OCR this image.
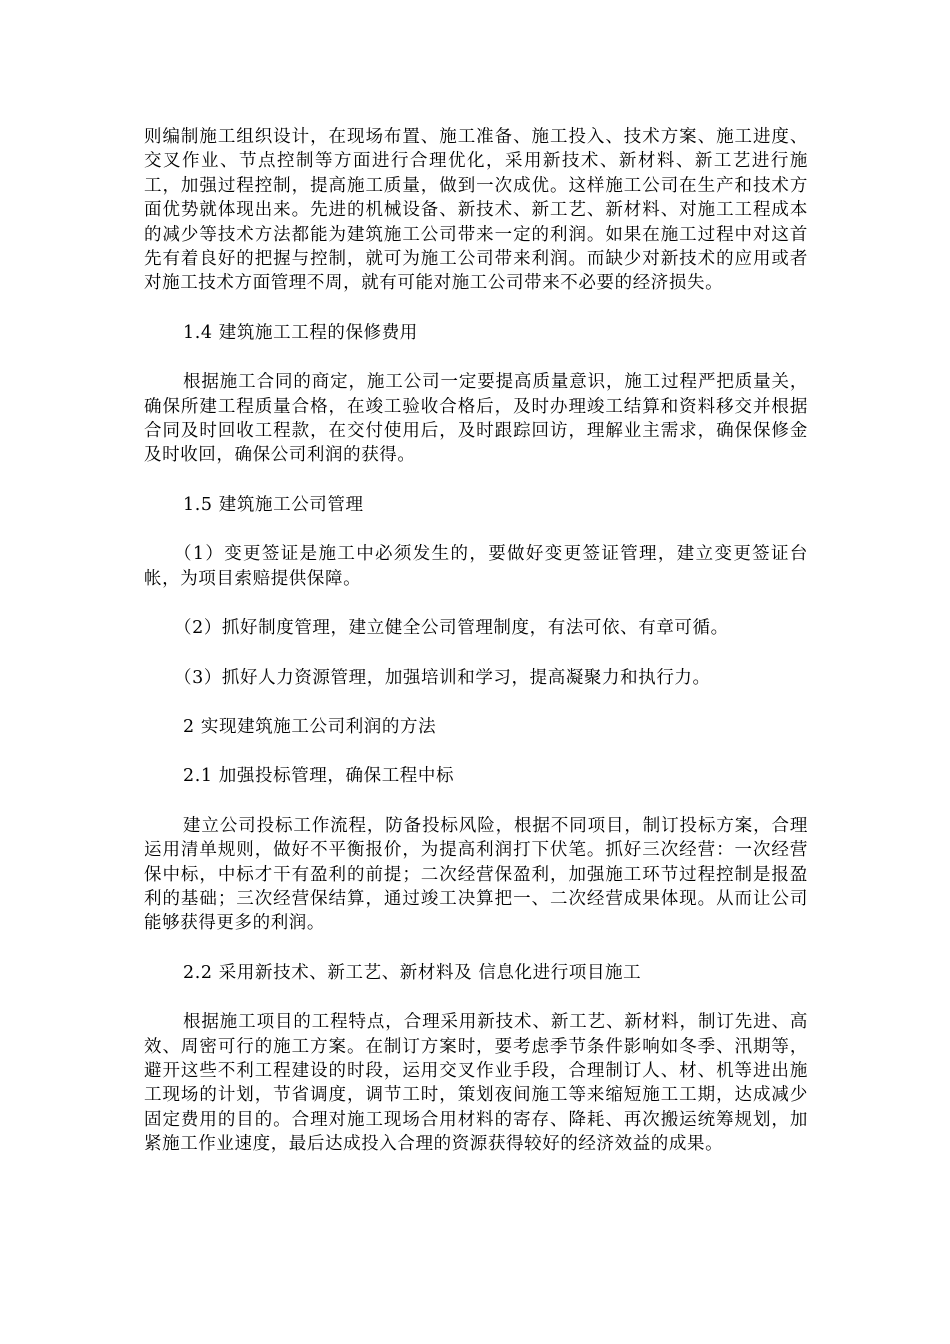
则编制施工组织设计，在现场布置、施工准备、施工投入、技术方案、施工进度、交叉作业、节点控制等方面进行合理优化，采用新技术、新材料、新工艺进行施工，加强过程控制，提高施工质量，做到一次成优。这样施工公司在生产和技术方面优势就体现出来。先进的机械设备、新技术、新工艺、新材料、对施工工程成本的减少等技术方法都能为建筑施工公司带来一定的利润。如果在施工过程中对这首先有着良好的把握与控制，就可为施工公司带来利润。而缺少对新技术的应用或者对施工技术方面管理不周，就有可能对施工公司带来不必要的经济损失。

1.4 建筑施工工程的保修费用

根据施工合同的商定，施工公司一定要提高质量意识，施工过程严把质量关，确保所建工程质量合格，在竣工验收合格后，及时办理竣工结算和资料移交并根据合同及时回收工程款，在交付使用后，及时跟踪回访，理解业主需求，确保保修金及时收回，确保公司利润的获得。

1.5 建筑施工公司管理

（1）变更签证是施工中必须发生的，要做好变更签证管理，建立变更签证台帐，为项目索赔提供保障。

（2）抓好制度管理，建立健全公司管理制度，有法可依、有章可循。

（3）抓好人力资源管理，加强培训和学习，提高凝聚力和执行力。

2 实现建筑施工公司利润的方法

2.1 加强投标管理，确保工程中标

建立公司投标工作流程，防备投标风险，根据不同项目，制订投标方案，合理运用清单规则，做好不平衡报价，为提高利润打下伏笔。抓好三次经营：一次经营保中标，中标才干有盈利的前提；二次经营保盈利，加强施工环节过程控制是报盈利的基础；三次经营保结算，通过竣工决算把一、二次经营成果体现。从而让公司能够获得更多的利润。

2.2 采用新技术、新工艺、新材料及 信息化进行项目施工

根据施工项目的工程特点，合理采用新技术、新工艺、新材料，制订先进、高效、周密可行的施工方案。在制订方案时，要考虑季节条件影响如冬季、汛期等，避开这些不利工程建设的时段，运用交叉作业手段，合理制订人、材、机等进出施工现场的计划，节省调度，调节工时，策划夜间施工等来缩短施工工期，达成减少固定费用的目的。合理对施工现场合用材料的寄存、降耗、再次搬运统筹规划，加紧施工作业速度，最后达成投入合理的资源获得较好的经济效益的成果。
